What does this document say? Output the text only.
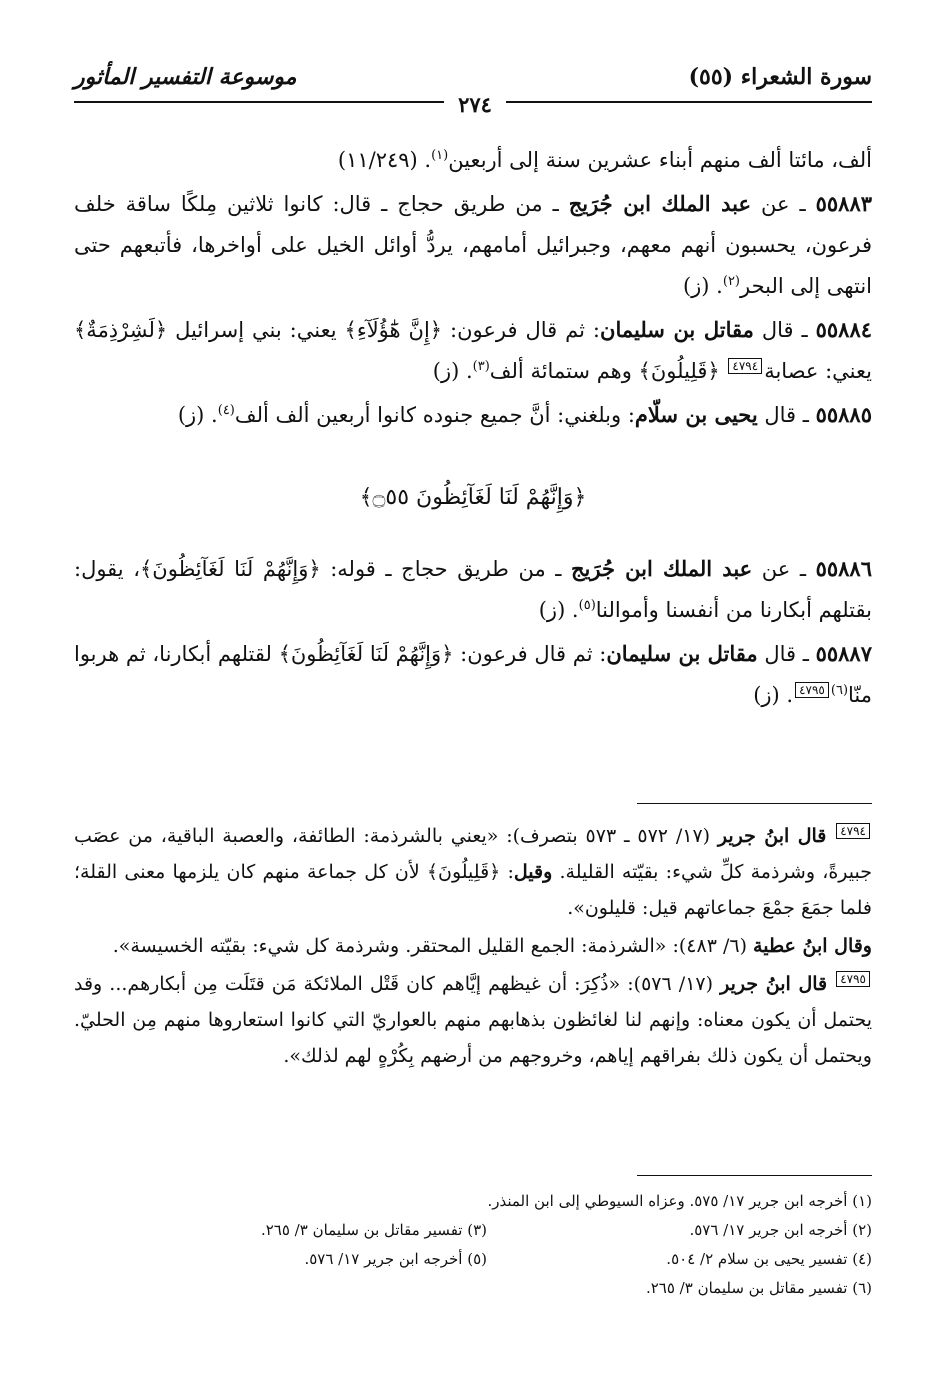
سورة الشعراء (٥٥)
موسوعة التفسير المأثور
٢٧٤

ألف، مائتا ألف منهم أبناء عشرين سنة إلى أربعين$^{(١)}$. (١١/٢٤٩)

٥٥٨٨٣ ـ عن عبد الملك ابن جُرَيج ـ من طريق حجاج ـ قال: كانوا ثلاثين مِلكًا ساقة خلف فرعون، يحسبون أنهم معهم، وجبرائيل أمامهم، يردُّ أوائل الخيل على أواخرها، فأتبعهم حتى انتهى إلى البحر$^{(٢)}$. (ز)

٥٥٨٨٤ ـ قال مقاتل بن سليمان: ثم قال فرعون: ﴿إِنَّ هَٰٓؤُلَآءِ﴾ يعني: بني إسرائيل ﴿لَشِرْذِمَةٌ﴾ يعني: عصابة٤٧٩٤ ﴿قَلِيلُونَ﴾ وهم ستمائة ألف$^{(٣)}$. (ز)

٥٥٨٨٥ ـ قال يحيى بن سلّام: وبلغني: أنَّ جميع جنوده كانوا أربعين ألف ألف$^{(٤)}$. (ز)

﴿وَإِنَّهُمْ لَنَا لَغَآئِظُونَ ۝٥٥﴾

٥٥٨٨٦ ـ عن عبد الملك ابن جُرَيج ـ من طريق حجاج ـ قوله: ﴿وَإِنَّهُمْ لَنَا لَغَآئِظُونَ﴾، يقول: بقتلهم أبكارنا من أنفسنا وأموالنا$^{(٥)}$. (ز)

٥٥٨٨٧ ـ قال مقاتل بن سليمان: ثم قال فرعون: ﴿وَإِنَّهُمْ لَنَا لَغَآئِظُونَ﴾ لقتلهم أبكارنا، ثم هربوا منّا$^{(٦)}$٤٧٩٥. (ز)

٤٧٩٤ قال ابنُ جرير (١٧/ ٥٧٢ ـ ٥٧٣ بتصرف): «يعني بالشرذمة: الطائفة، والعصبة الباقية، من عصَب جبيرةً، وشرذمة كلِّ شيء: بقيّته القليلة. وقيل: ﴿قَلِيلُونَ﴾ لأن كل جماعة منهم كان يلزمها معنى القلة؛ فلما جمَعَ جمْعَ جماعاتهم قيل: قليلون».

وقال ابنُ عطية (٦/ ٤٨٣): «الشرذمة: الجمع القليل المحتقر. وشرذمة كل شيء: بقيّته الخسيسة».

٤٧٩٥ قال ابنُ جرير (١٧/ ٥٧٦): «ذُكِرَ: أن غيظهم إيَّاهم كان قَتْل الملائكة مَن قتَلَت مِن أبكارهم... وقد يحتمل أن يكون معناه: وإنهم لنا لغائظون بذهابهم منهم بالعواريّ التي كانوا استعاروها منهم مِن الحليّ. ويحتمل أن يكون ذلك بفراقهم إياهم، وخروجهم من أرضهم بِكُرْهٍ لهم لذلك».

(١) أخرجه ابن جرير ١٧/ ٥٧٥. وعزاه السيوطي إلى ابن المنذر.
(٢) أخرجه ابن جرير ١٧/ ٥٧٦.
(٣) تفسير مقاتل بن سليمان ٣/ ٢٦٥.
(٤) تفسير يحيى بن سلام ٢/ ٥٠٤.
(٥) أخرجه ابن جرير ١٧/ ٥٧٦.
(٦) تفسير مقاتل بن سليمان ٣/ ٢٦٥.
